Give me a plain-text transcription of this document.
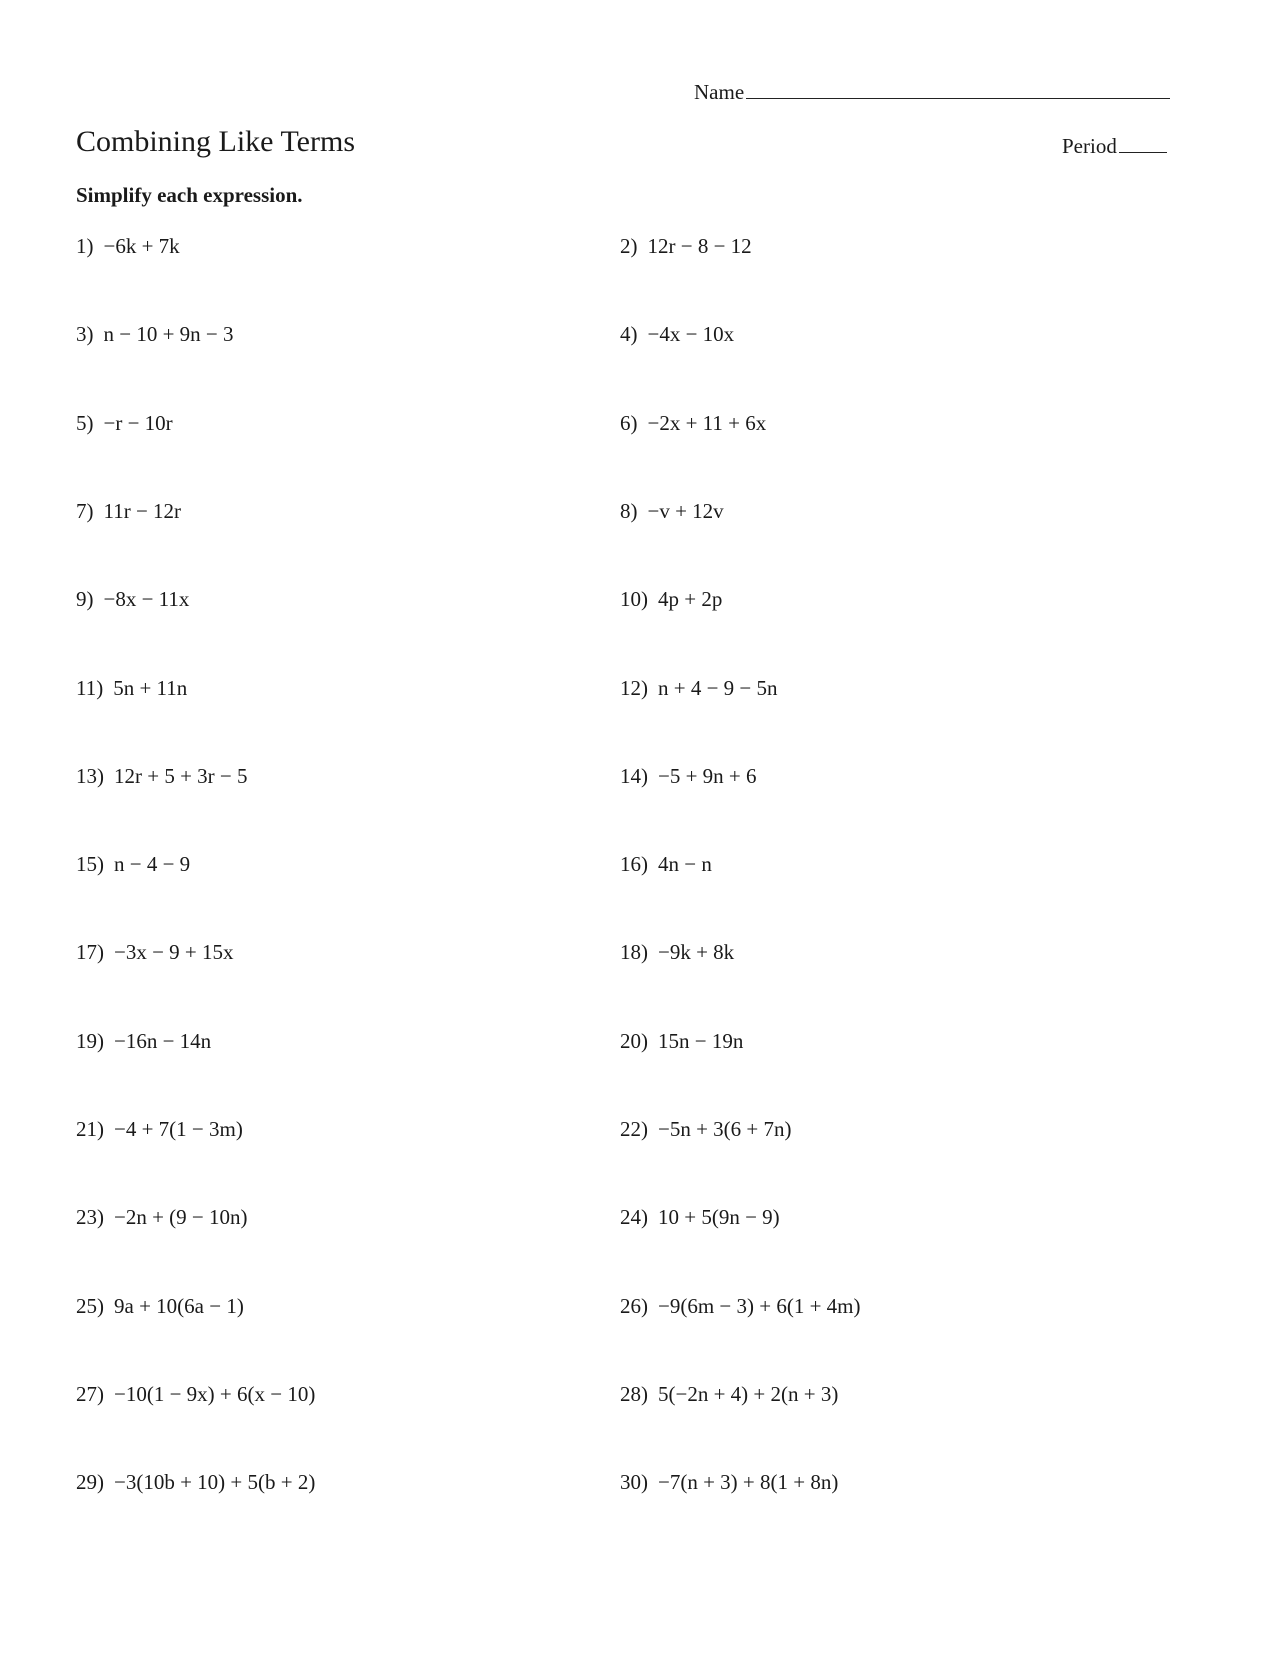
Name
Combining Like Terms	Period
Simplify each expression.
1) −6k + 7k	2) 12r − 8 − 12
3) n − 10 + 9n − 3	4) −4x − 10x
5) −r − 10r	6) −2x + 11 + 6x
7) 11r − 12r	8) −v + 12v
9) −8x − 11x	10) 4p + 2p
11) 5n + 11n	12) n + 4 − 9 − 5n
13) 12r + 5 + 3r − 5	14) −5 + 9n + 6
15) n − 4 − 9	16) 4n − n
17) −3x − 9 + 15x	18) −9k + 8k
19) −16n − 14n	20) 15n − 19n
21) −4 + 7(1 − 3m)	22) −5n + 3(6 + 7n)
23) −2n + (9 − 10n)	24) 10 + 5(9n − 9)
25) 9a + 10(6a − 1)	26) −9(6m − 3) + 6(1 + 4m)
27) −10(1 − 9x) + 6(x − 10)	28) 5(−2n + 4) + 2(n + 3)
29) −3(10b + 10) + 5(b + 2)	30) −7(n + 3) + 8(1 + 8n)
